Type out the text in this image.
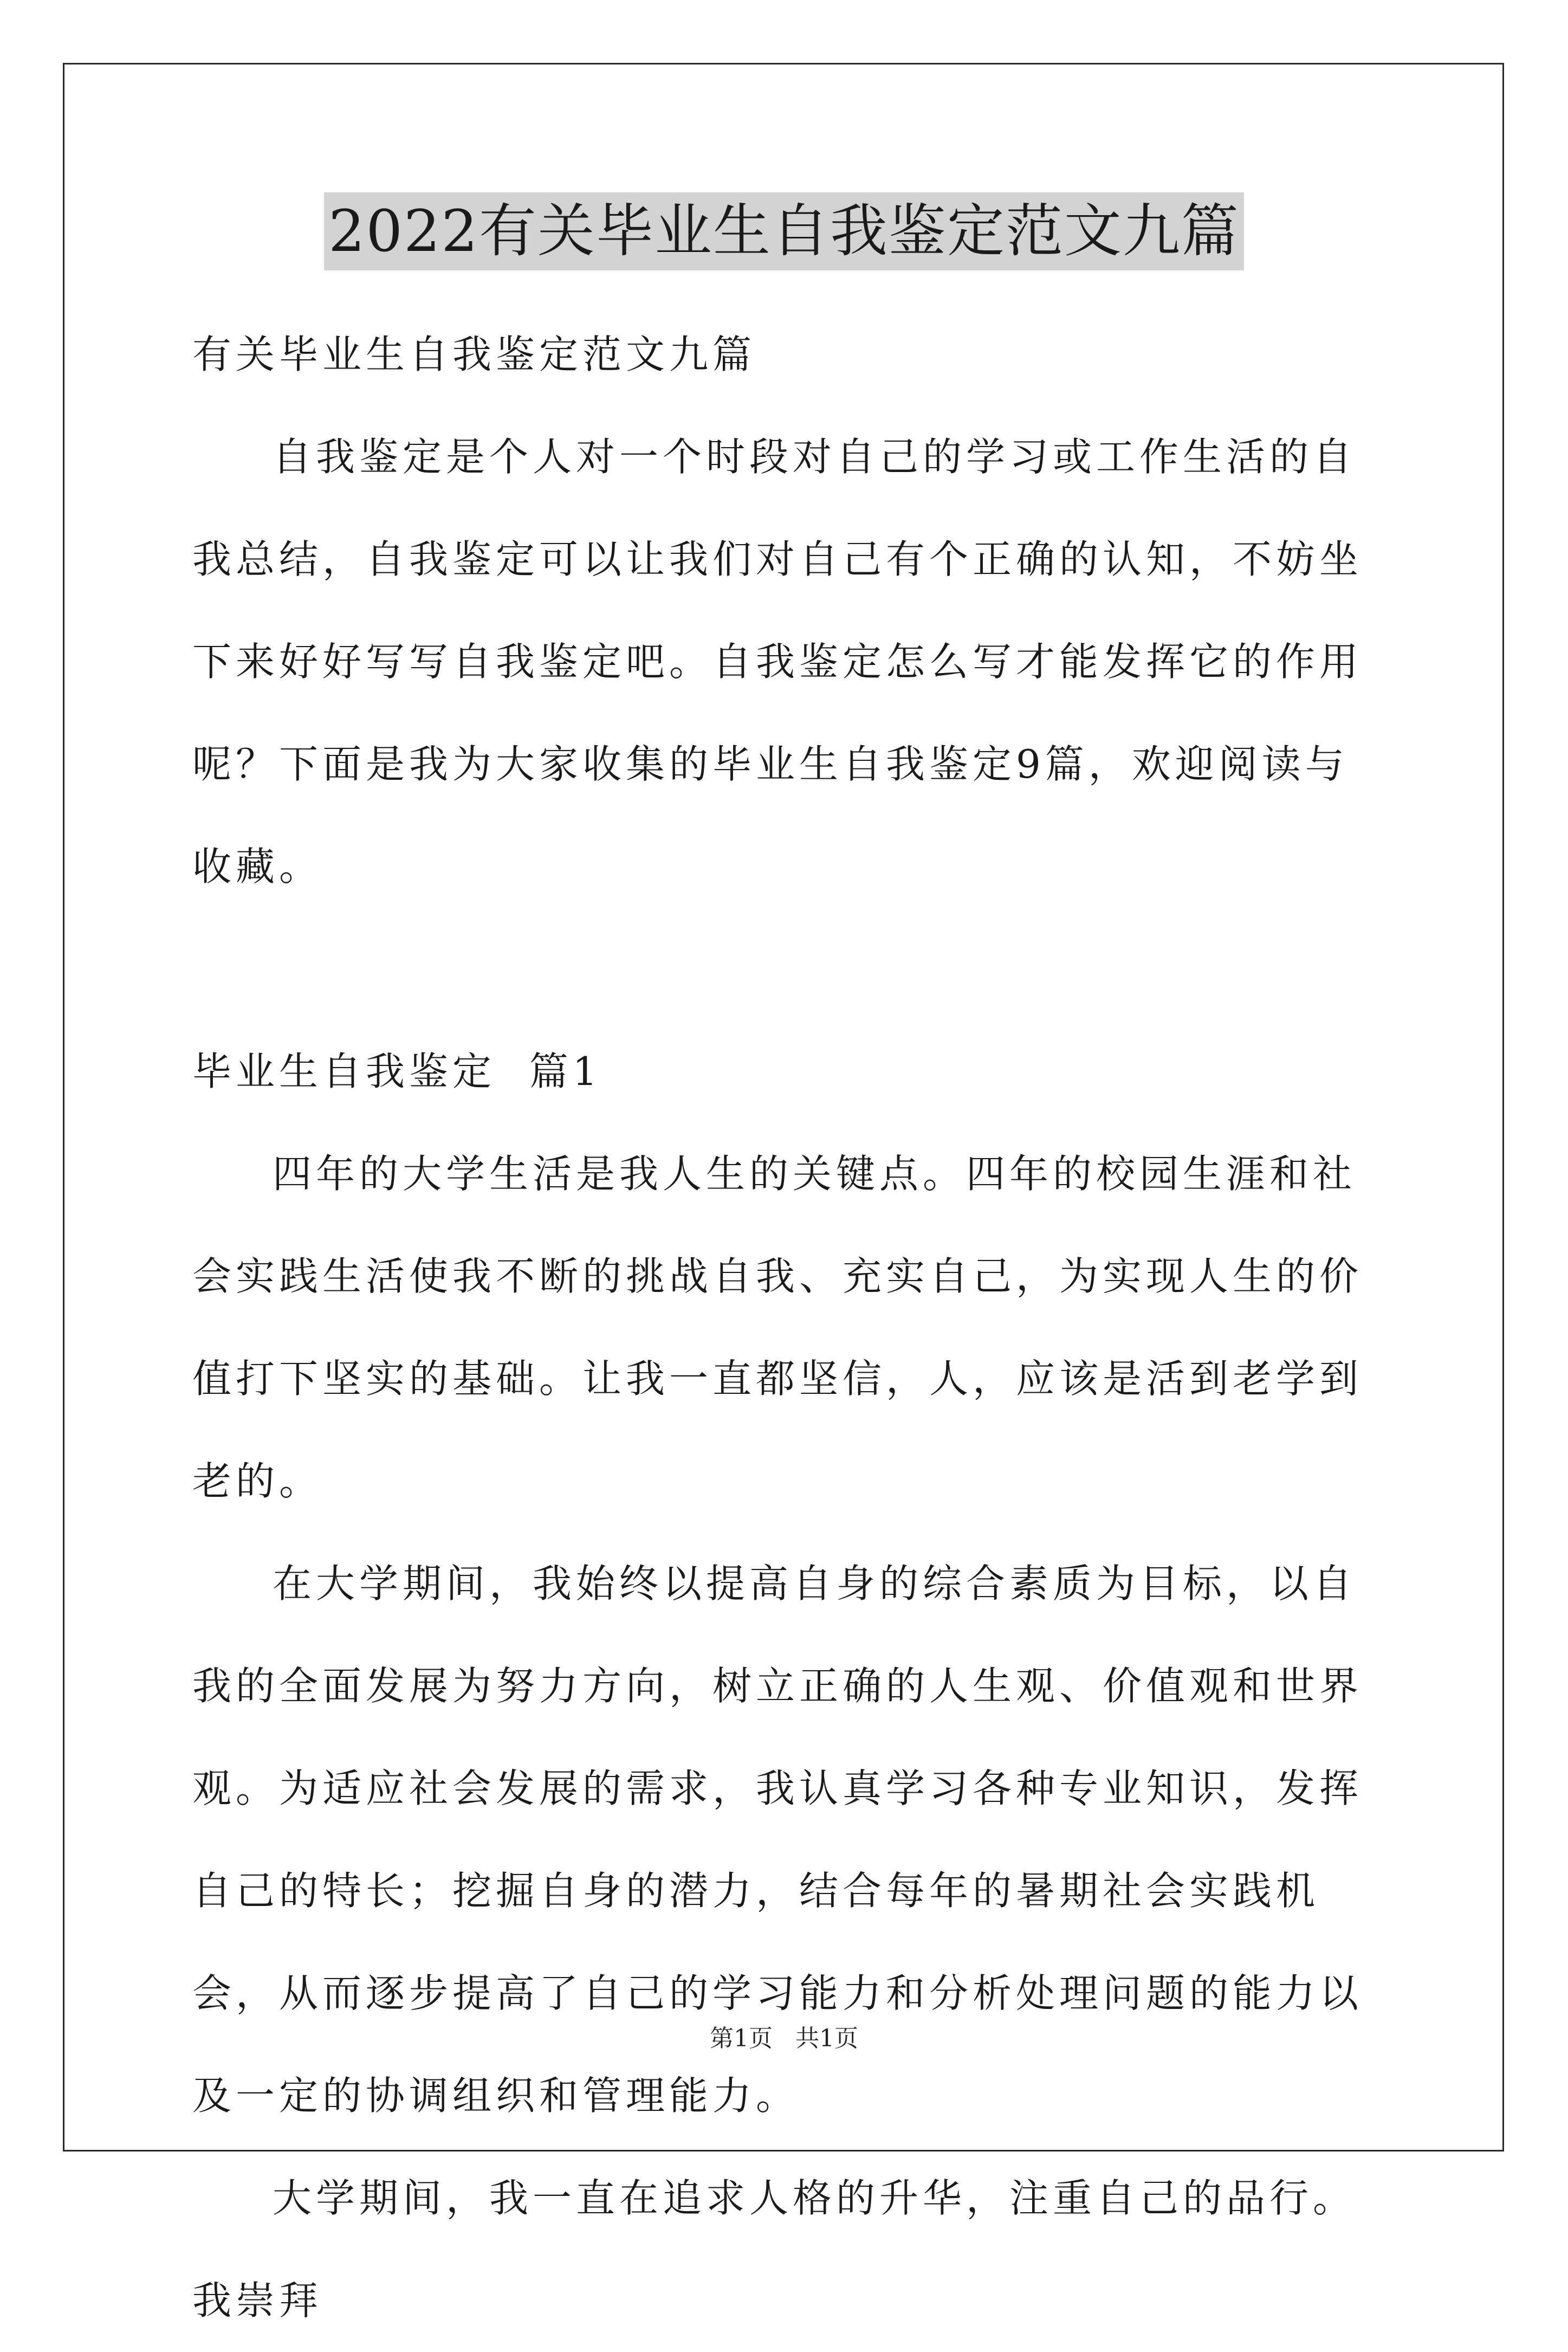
2022有关毕业生自我鉴定范文九篇

有关毕业生自我鉴定范文九篇

自我鉴定是个人对一个时段对自己的学习或工作生活的自我总结，自我鉴定可以让我们对自己有个正确的认知，不妨坐下来好好写写自我鉴定吧。自我鉴定怎么写才能发挥它的作用呢？下面是我为大家收集的毕业生自我鉴定9篇，欢迎阅读与收藏。

毕业生自我鉴定  篇1

四年的大学生活是我人生的关键点。四年的校园生涯和社会实践生活使我不断的挑战自我、充实自己，为实现人生的价值打下坚实的基础。让我一直都坚信，人，应该是活到老学到老的。

在大学期间，我始终以提高自身的综合素质为目标，以自我的全面发展为努力方向，树立正确的人生观、价值观和世界观。为适应社会发展的需求，我认真学习各种专业知识，发挥自己的特长；挖掘自身的潜力，结合每年的暑期社会实践机会，从而逐步提高了自己的学习能力和分析处理问题的能力以及一定的协调组织和管理能力。

大学期间，我一直在追求人格的升华，注重自己的品行。我崇拜

第1页 共1页
